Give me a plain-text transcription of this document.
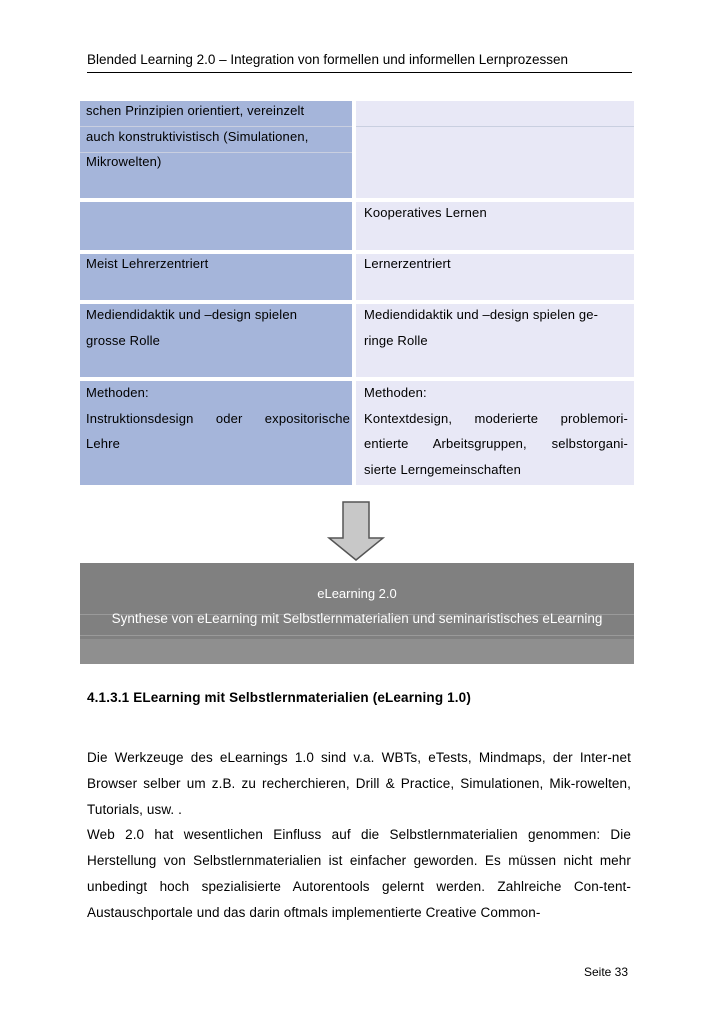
Blended Learning 2.0 – Integration von formellen und informellen Lernprozessen
schen Prinzipien orientiert, vereinzelt
auch konstruktivistisch (Simulationen,
Mikrowelten)
Meist Lehrerzentriert
Mediendidaktik und –design spielen
grosse Rolle
Methoden:
Instruktionsdesign oder expositorische
Lehre
Kooperatives Lernen
Lernerzentriert
Mediendidaktik und –design spielen ge-
ringe Rolle
Methoden:
Kontextdesign, moderierte problemori-
entierte Arbeitsgruppen, selbstorgani-
sierte Lerngemeinschaften
eLearning 2.0
Synthese von eLearning mit Selbstlernmaterialien und seminaristisches eLearning
4.1.3.1 ELearning mit Selbstlernmaterialien (eLearning 1.0)

Die Werkzeuge des eLearnings 1.0 sind v.a. WBTs, eTests, Mindmaps, der Inter-net Browser selber um z.B. zu recherchieren, Drill & Practice, Simulationen, Mik-rowelten, Tutorials, usw. .

Web 2.0 hat wesentlichen Einfluss auf die Selbstlernmaterialien genommen: Die Herstellung von Selbstlernmaterialien ist einfacher geworden. Es müssen nicht mehr unbedingt hoch spezialisierte Autorentools gelernt werden. Zahlreiche Con-tent-Austauschportale und das darin oftmals implementierte Creative Common-

Seite 33
